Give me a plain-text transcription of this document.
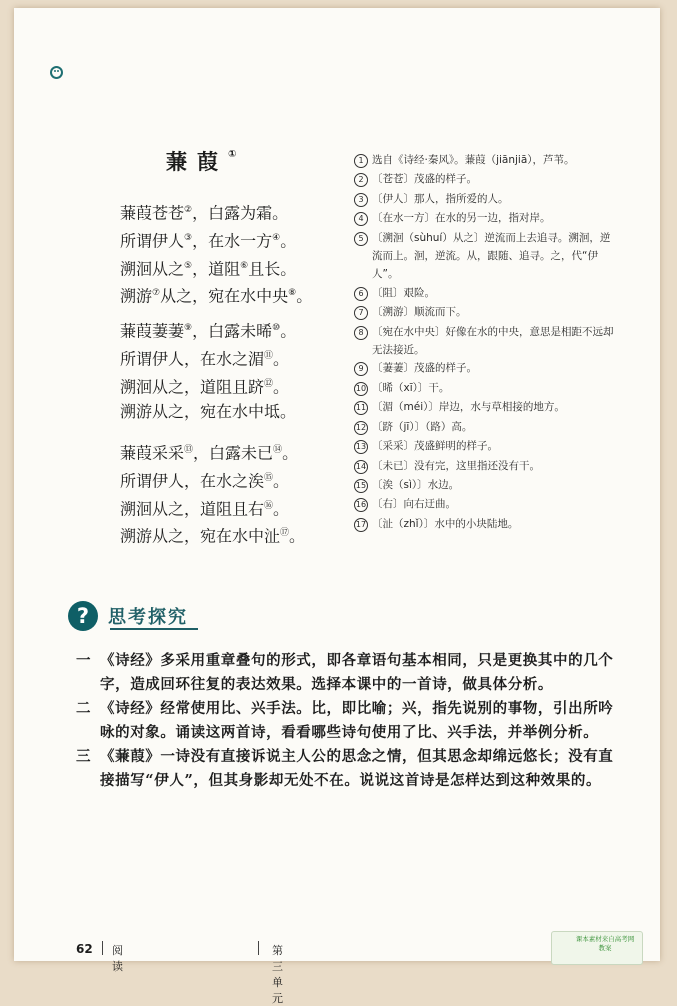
蒹葭①
蒹葭苍苍②，白露为霜。
所谓伊人③，在水一方④。
溯洄从之⑤，道阻⑥且长。
溯游⑦从之，宛在水中央⑧。
蒹葭萋萋⑨，白露未晞⑩。
所谓伊人，在水之湄⑪。
溯洄从之，道阻且跻⑫。
溯游从之，宛在水中坻。
蒹葭采采⑬，白露未已⑭。
所谓伊人，在水之涘⑮。
溯洄从之，道阻且右⑯。
溯游从之，宛在水中沚⑰。
1 选自《诗经·秦风》。蒹葭（jiānjiā），芦苇。
2 〔苍苍〕茂盛的样子。
3 〔伊人〕那人，指所爱的人。
4 〔在水一方〕在水的另一边，指对岸。
5 〔溯洄（sùhuí）从之〕逆流而上去追寻。溯洄，逆流而上。洄，逆流。从，跟随、追寻。之，代“伊人”。
6 〔阻〕艰险。
7 〔溯游〕顺流而下。
8 〔宛在水中央〕好像在水的中央，意思是相距不远却无法接近。
9 〔萋萋〕茂盛的样子。
10 〔晞（xī）〕干。
11 〔湄（méi）〕岸边，水与草相接的地方。
12 〔跻（jī）〕（路）高。
13 〔采采〕茂盛鲜明的样子。
14 〔未已〕没有完，这里指还没有干。
15 〔涘（sì）〕水边。
16 〔右〕向右迂曲。
17 〔沚（zhǐ）〕水中的小块陆地。
?	思考探究
一 《诗经》多采用重章叠句的形式，即各章语句基本相同，只是更换其中的几个字，造成回环往复的表达效果。选择本课中的一首诗，做具体分析。
二 《诗经》经常使用比、兴手法。比，即比喻；兴，指先说别的事物，引出所吟咏的对象。诵读这两首诗，看看哪些诗句使用了比、兴手法，并举例分析。
三 《蒹葭》一诗没有直接诉说主人公的思念之情，但其思念却绵远悠长；没有直接描写“伊人”，但其身影却无处不在。说说这首诗是怎样达到这种效果的。
62 阅读
第三单元
课本素材来自高考网 教案
